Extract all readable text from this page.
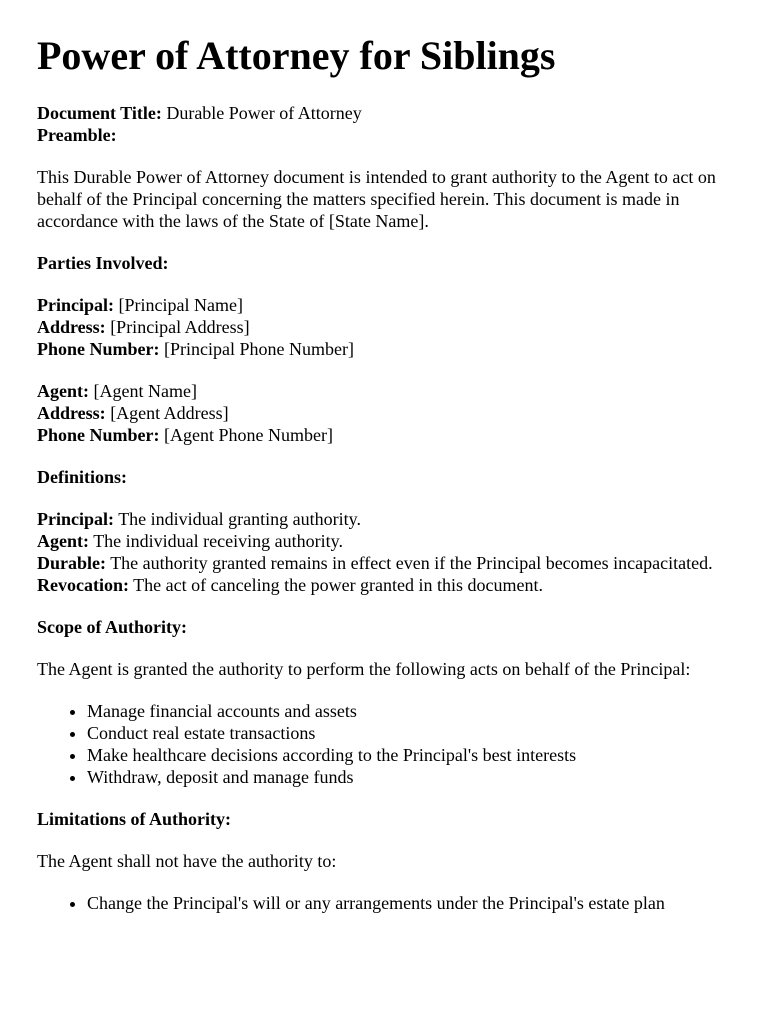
Power of Attorney for Siblings

Document Title: Durable Power of Attorney

Preamble:

This Durable Power of Attorney document is intended to grant authority to the Agent to act on behalf of the Principal concerning the matters specified herein. This document is made in accordance with the laws of the State of [State Name].

Parties Involved:

Principal: [Principal Name]

Address: [Principal Address]

Phone Number: [Principal Phone Number]

Agent: [Agent Name]

Address: [Agent Address]

Phone Number: [Agent Phone Number]

Definitions:

Principal: The individual granting authority.

Agent: The individual receiving authority.

Durable: The authority granted remains in effect even if the Principal becomes incapacitated.

Revocation: The act of canceling the power granted in this document.

Scope of Authority:

The Agent is granted the authority to perform the following acts on behalf of the Principal:

• Manage financial accounts and assets
• Conduct real estate transactions
• Make healthcare decisions according to the Principal's best interests
• Withdraw, deposit and manage funds

Limitations of Authority:

The Agent shall not have the authority to:

• Change the Principal's will or any arrangements under the Principal's estate plan
